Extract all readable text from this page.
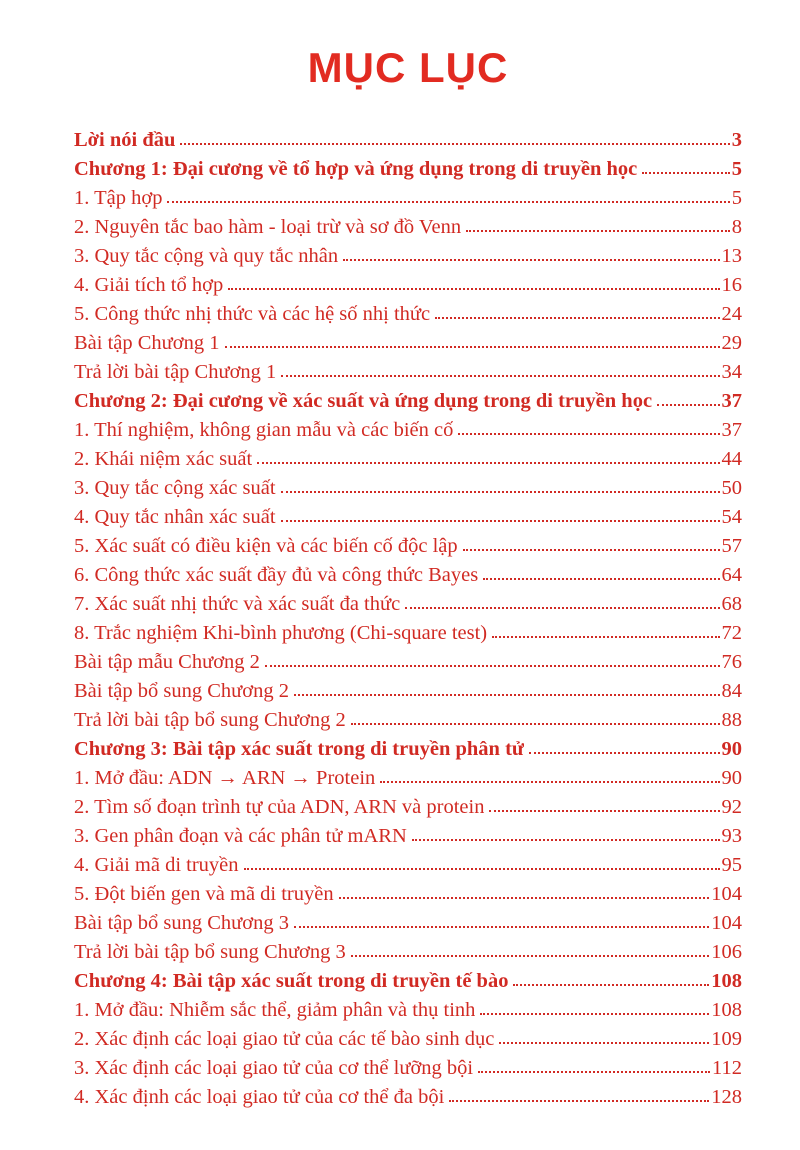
MỤC LỤC
Lời nói đầu	3
Chương 1: Đại cương về tổ hợp và ứng dụng trong di truyền học	5
1. Tập hợp	5
2. Nguyên tắc bao hàm - loại trừ và sơ đồ Venn	8
3. Quy tắc cộng và quy tắc nhân	13
4. Giải tích tổ hợp	16
5. Công thức nhị thức và các hệ số nhị thức	24
Bài tập Chương 1	29
Trả lời bài tập Chương 1	34
Chương 2: Đại cương về xác suất và ứng dụng trong di truyền học	37
1. Thí nghiệm, không gian mẫu và các biến cố	37
2. Khái niệm xác suất	44
3. Quy tắc cộng xác suất	50
4. Quy tắc nhân xác suất	54
5. Xác suất có điều kiện và các biến cố độc lập	57
6. Công thức xác suất đầy đủ và công thức Bayes	64
7. Xác suất nhị thức và xác suất đa thức	68
8. Trắc nghiệm Khi-bình phương (Chi-square test)	72
Bài tập mẫu Chương 2	76
Bài tập bổ sung Chương 2	84
Trả lời bài tập bổ sung Chương 2	88
Chương 3: Bài tập xác suất trong di truyền phân tử	90
1. Mở đầu: ADN → ARN → Protein	90
2. Tìm số đoạn trình tự của ADN, ARN và protein	92
3. Gen phân đoạn và các phân tử mARN	93
4. Giải mã di truyền	95
5. Đột biến gen và mã di truyền	104
Bài tập bổ sung Chương 3	104
Trả lời bài tập bổ sung Chương 3	106
Chương 4: Bài tập xác suất trong di truyền tế bào	108
1. Mở đầu: Nhiễm sắc thể, giảm phân và thụ tinh	108
2. Xác định các loại giao tử của các tế bào sinh dục	109
3. Xác định các loại giao tử của cơ thể lưỡng bội	112
4. Xác định các loại giao tử của cơ thể đa bội	128
